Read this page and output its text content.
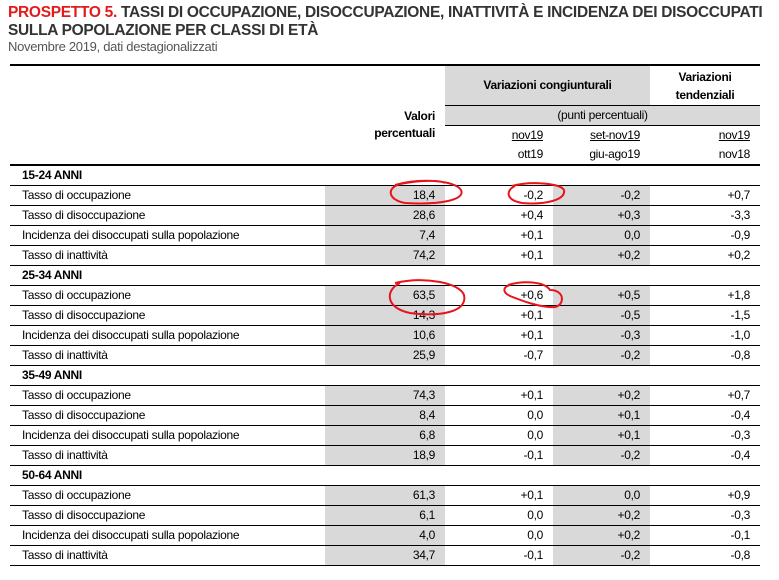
PROSPETTO 5. TASSI DI OCCUPAZIONE, DISOCCUPAZIONE, INATTIVITÀ E INCIDENZA DEI DISOCCUPATI SULLA POPOLAZIONE PER CLASSI DI ETÀ
Novembre 2019, dati destagionalizzati
	Valori	Variazioni congiunturali		Variazioni
tendenziali
		(punti percentuali)		
	percentuali	nov19	set-nov19	nov19
		ott19	giu-ago19	nov18
15-24 ANNI				
Tasso di occupazione	18,4	-0,2	-0,2	+0,7
Tasso di disoccupazione	28,6	+0,4	+0,3	-3,3
Incidenza dei disoccupati sulla popolazione	7,4	+0,1	0,0	-0,9
Tasso di inattività	74,2	+0,1	+0,2	+0,2
25-34 ANNI				
Tasso di occupazione	63,5	+0,6	+0,5	+1,8
Tasso di disoccupazione	14,3	+0,1	-0,5	-1,5
Incidenza dei disoccupati sulla popolazione	10,6	+0,1	-0,3	-1,0
Tasso di inattività	25,9	-0,7	-0,2	-0,8
35-49 ANNI				
Tasso di occupazione	74,3	+0,1	+0,2	+0,7
Tasso di disoccupazione	8,4	0,0	+0,1	-0,4
Incidenza dei disoccupati sulla popolazione	6,8	0,0	+0,1	-0,3
Tasso di inattività	18,9	-0,1	-0,2	-0,4
50-64 ANNI				
Tasso di occupazione	61,3	+0,1	0,0	+0,9
Tasso di disoccupazione	6,1	0,0	+0,2	-0,3
Incidenza dei disoccupati sulla popolazione	4,0	0,0	+0,2	-0,1
Tasso di inattività	34,7	-0,1	-0,2	-0,8
